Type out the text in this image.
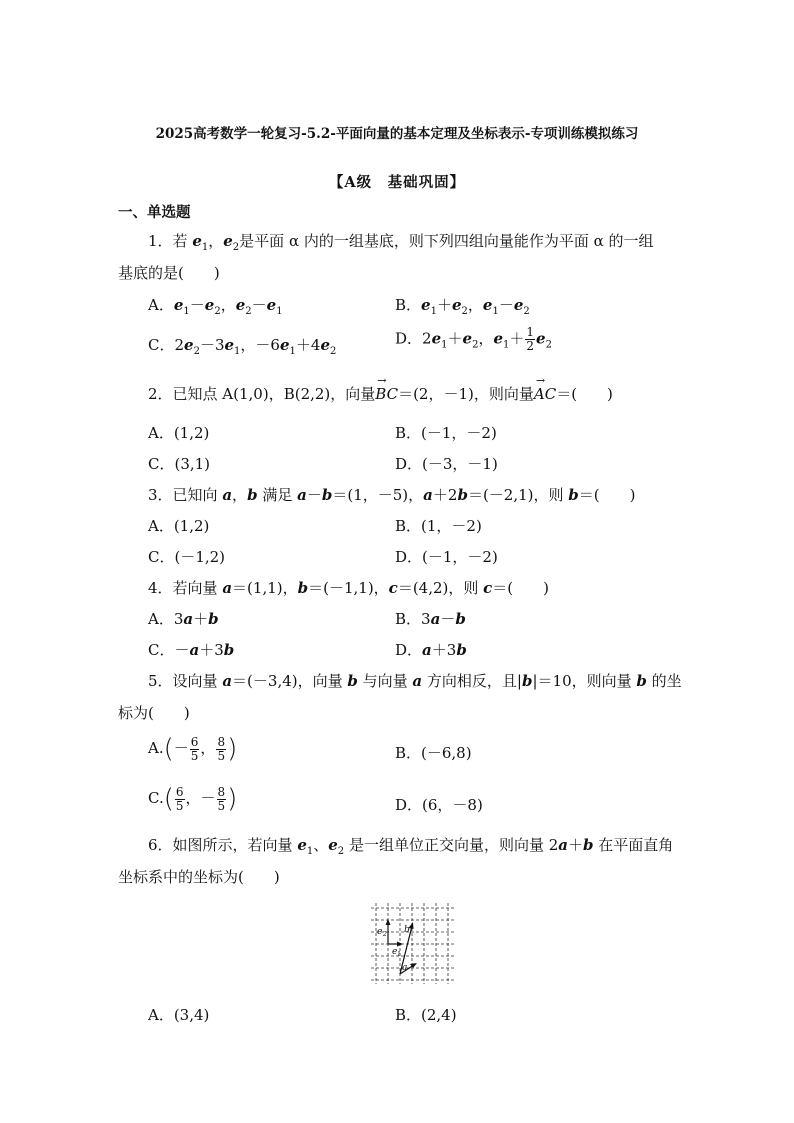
2025高考数学一轮复习-5.2-平面向量的基本定理及坐标表示-专项训练模拟练习
【A级　基础巩固】
一、单选题
1．若 $e_1$，$e_2$是平面 α 内的一组基底，则下列四组向量能作为平面 α 的一组
基底的是(　　)
A．$e_1-e_2$，$e_2-e_1$	B．$e_1+e_2$，$e_1-e_2$
C．$2e_2-3e_1$，$-6e_1+4e_2$
D．$2e_1+e_2$，$e_1+ \frac{1}{2} e_2$
2．已知点 A(1,0)，B(2,2)，向量→ BC＝(2，－1)，则向量→ AC＝(　　)
A．(1,2)	B．(－1，－2)
C．(3,1)	D．(－3，－1)
3．已知向 a，b 满足 a－b＝(1，－5)，a＋2b＝(－2,1)，则 b＝(　　)
A．(1,2)	B．(1，－2)
C．(－1,2)	D．(－1，－2)
4．若向量 a＝(1,1)，b＝(－1,1)，c＝(4,2)，则 c＝(　　)
A．3a＋b	B．3a－b
C．－a＋3b	D．a＋3b
5．设向量 a＝(－3,4)，向量 b 与向量 a 方向相反，且|b|＝10，则向量 b 的坐
标为(　　)
$A.(- \frac{6}{5}$ ， $\frac{8}{5}$ )	B．(－6,8)
$C.( \frac{6}{5}$ ，－ $\frac{8}{5}$ )	D．(6，－8)
6．如图所示，若向量 $e_1$、$e_2$ 是一组单位正交向量，则向量 2a＋b 在平面直角
坐标系中的坐标为(　　)
e 2
e 1
b
a
A．(3,4)	B．(2,4)
